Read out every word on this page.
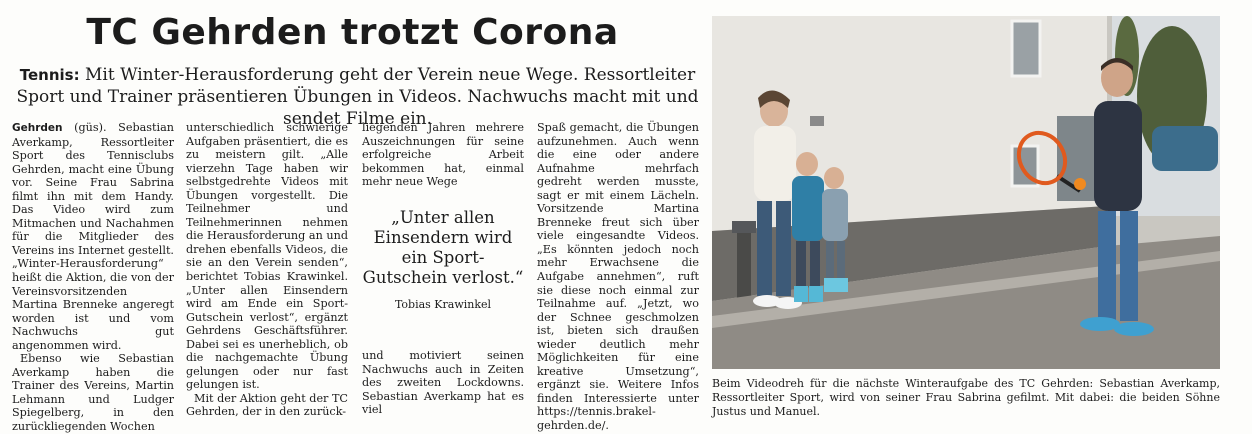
TC Gehrden trotzt Corona
Tennis: Mit Winter-Herausforderung geht der Verein neue Wege. Ressortleiter Sport und Trainer präsentieren Übungen in Videos. Nachwuchs macht mit und sendet Filme ein.

Gehrden (güs). Sebastian Averkamp, Ressortleiter Sport des Tennisclubs Gehrden, macht eine Übung vor. Seine Frau Sabrina filmt ihn mit dem Handy. Das Video wird zum Mitmachen und Nachahmen für die Mitglieder des Vereins ins Internet gestellt. „Winter-Herausforderung“ heißt die Aktion, die von der Vereinsvorsitzenden Martina Brenneke angeregt worden ist und vom Nachwuchs gut angenommen wird.

Ebenso wie Sebastian Averkamp haben die Trainer des Vereins, Martin Lehmann und Ludger Spiegelberg, in den zurückliegenden Wochen

unterschiedlich schwierige Aufgaben präsentiert, die es zu meistern gilt. „Alle vierzehn Tage haben wir selbstgedrehte Videos mit Übungen vorgestellt. Die Teilnehmer und Teilnehmerinnen nehmen die Herausforderung an und drehen ebenfalls Videos, die sie an den Verein senden“, berichtet Tobias Krawinkel. „Unter allen Einsendern wird am Ende ein Sport-Gutschein verlost“, ergänzt Gehrdens Geschäftsführer. Dabei sei es unerheblich, ob die nachgemachte Übung gelungen oder nur fast gelungen ist.

Mit der Aktion geht der TC Gehrden, der in den zurück-

liegenden Jahren mehrere Auszeichnungen für seine erfolgreiche Arbeit bekommen hat, einmal mehr neue Wege

„Unter allen Einsendern wird ein Sport-Gutschein verlost.“

Tobias Krawinkel

und motiviert seinen Nachwuchs auch in Zeiten des zweiten Lockdowns. Sebastian Averkamp hat es viel

Spaß gemacht, die Übungen aufzunehmen. Auch wenn die eine oder andere Aufnahme mehrfach gedreht werden musste, sagt er mit einem Lächeln. Vorsitzende Martina Brenneke freut sich über viele eingesandte Videos. „Es könnten jedoch noch mehr Erwachsene die Aufgabe annehmen“, ruft sie diese noch einmal zur Teilnahme auf. „Jetzt, wo der Schnee geschmolzen ist, bieten sich draußen wieder deutlich mehr Möglichkeiten für eine kreative Umsetzung“, ergänzt sie. Weitere Infos finden Interessierte unter https://tennis.brakel-gehrden.de/.

Beim Videodreh für die nächste Winteraufgabe des TC Gehrden: Sebastian Averkamp, Ressortleiter Sport, wird von seiner Frau Sabrina gefilmt. Mit dabei: die beiden Söhne Justus und Manuel.
